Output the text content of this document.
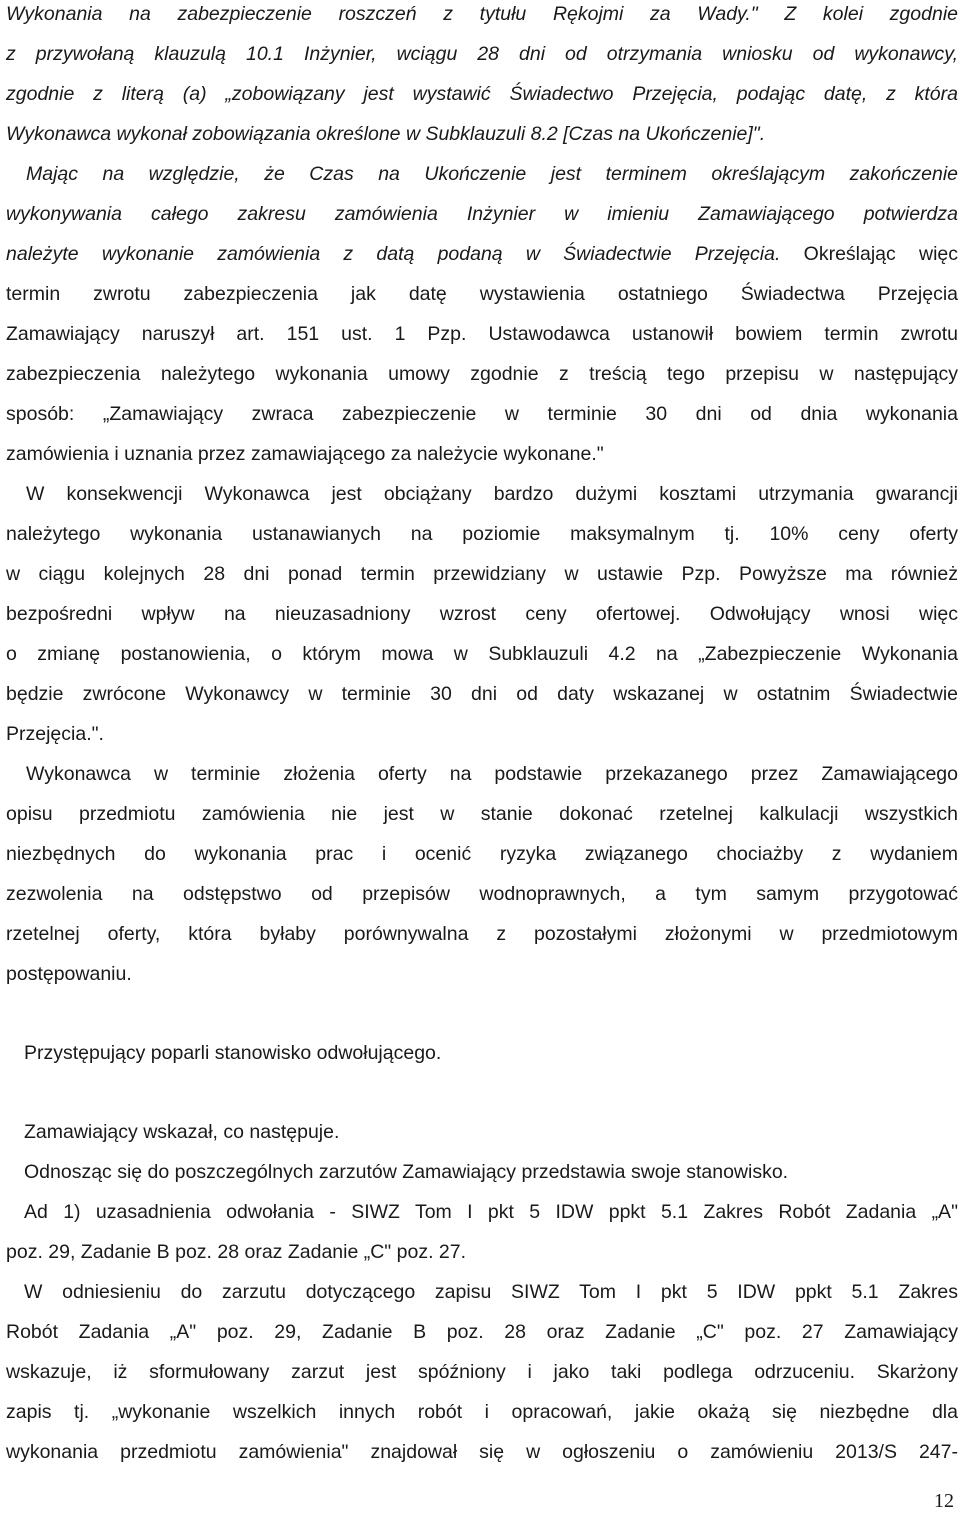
Wykonania na zabezpieczenie roszczeń z tytułu Rękojmi za Wady." Z kolei zgodnie
z przywołaną klauzulą 10.1 Inżynier, wciągu 28 dni od otrzymania wniosku od wykonawcy,
zgodnie z literą (a) „zobowiązany jest wystawić Świadectwo Przejęcia, podając datę, z która
Wykonawca wykonał zobowiązania określone w Subklauzuli 8.2 [Czas na Ukończenie]".
Mając na względzie, że Czas na Ukończenie jest terminem określającym zakończenie
wykonywania całego zakresu zamówienia Inżynier w imieniu Zamawiającego potwierdza
należyte wykonanie zamówienia z datą podaną w Świadectwie Przejęcia. Określając więc
termin zwrotu zabezpieczenia jak datę wystawienia ostatniego Świadectwa Przejęcia
Zamawiający naruszył art. 151 ust. 1 Pzp. Ustawodawca ustanowił bowiem termin zwrotu
zabezpieczenia należytego wykonania umowy zgodnie z treścią tego przepisu w następujący
sposób: „Zamawiający zwraca zabezpieczenie w terminie 30 dni od dnia wykonania
zamówienia i uznania przez zamawiającego za należycie wykonane."
W konsekwencji Wykonawca jest obciążany bardzo dużymi kosztami utrzymania gwarancji
należytego wykonania ustanawianych na poziomie maksymalnym tj. 10% ceny oferty
w ciągu kolejnych 28 dni ponad termin przewidziany w ustawie Pzp. Powyższe ma również
bezpośredni wpływ na nieuzasadniony wzrost ceny ofertowej. Odwołujący wnosi więc
o zmianę postanowienia, o którym mowa w Subklauzuli 4.2 na „Zabezpieczenie Wykonania
będzie zwrócone Wykonawcy w terminie 30 dni od daty wskazanej w ostatnim Świadectwie
Przejęcia.".
Wykonawca w terminie złożenia oferty na podstawie przekazanego przez Zamawiającego
opisu przedmiotu zamówienia nie jest w stanie dokonać rzetelnej kalkulacji wszystkich
niezbędnych do wykonania prac i ocenić ryzyka związanego chociażby z wydaniem
zezwolenia na odstępstwo od przepisów wodnoprawnych, a tym samym przygotować
rzetelnej oferty, która byłaby porównywalna z pozostałymi złożonymi w przedmiotowym
postępowaniu.
Przystępujący poparli stanowisko odwołującego.
Zamawiający wskazał, co następuje.
Odnosząc się do poszczególnych zarzutów Zamawiający przedstawia swoje stanowisko.
Ad 1) uzasadnienia odwołania - SIWZ Tom I pkt 5 IDW ppkt 5.1 Zakres Robót Zadania „A"
poz. 29, Zadanie B poz. 28 oraz Zadanie „C" poz. 27.
W odniesieniu do zarzutu dotyczącego zapisu SIWZ Tom I pkt 5 IDW ppkt 5.1 Zakres
Robót Zadania „A" poz. 29, Zadanie B poz. 28 oraz Zadanie „C" poz. 27 Zamawiający
wskazuje, iż sformułowany zarzut jest spóźniony i jako taki podlega odrzuceniu. Skarżony
zapis tj. „wykonanie wszelkich innych robót i opracowań, jakie okażą się niezbędne dla
wykonania przedmiotu zamówienia" znajdował się w ogłoszeniu o zamówieniu 2013/S 247-
12
